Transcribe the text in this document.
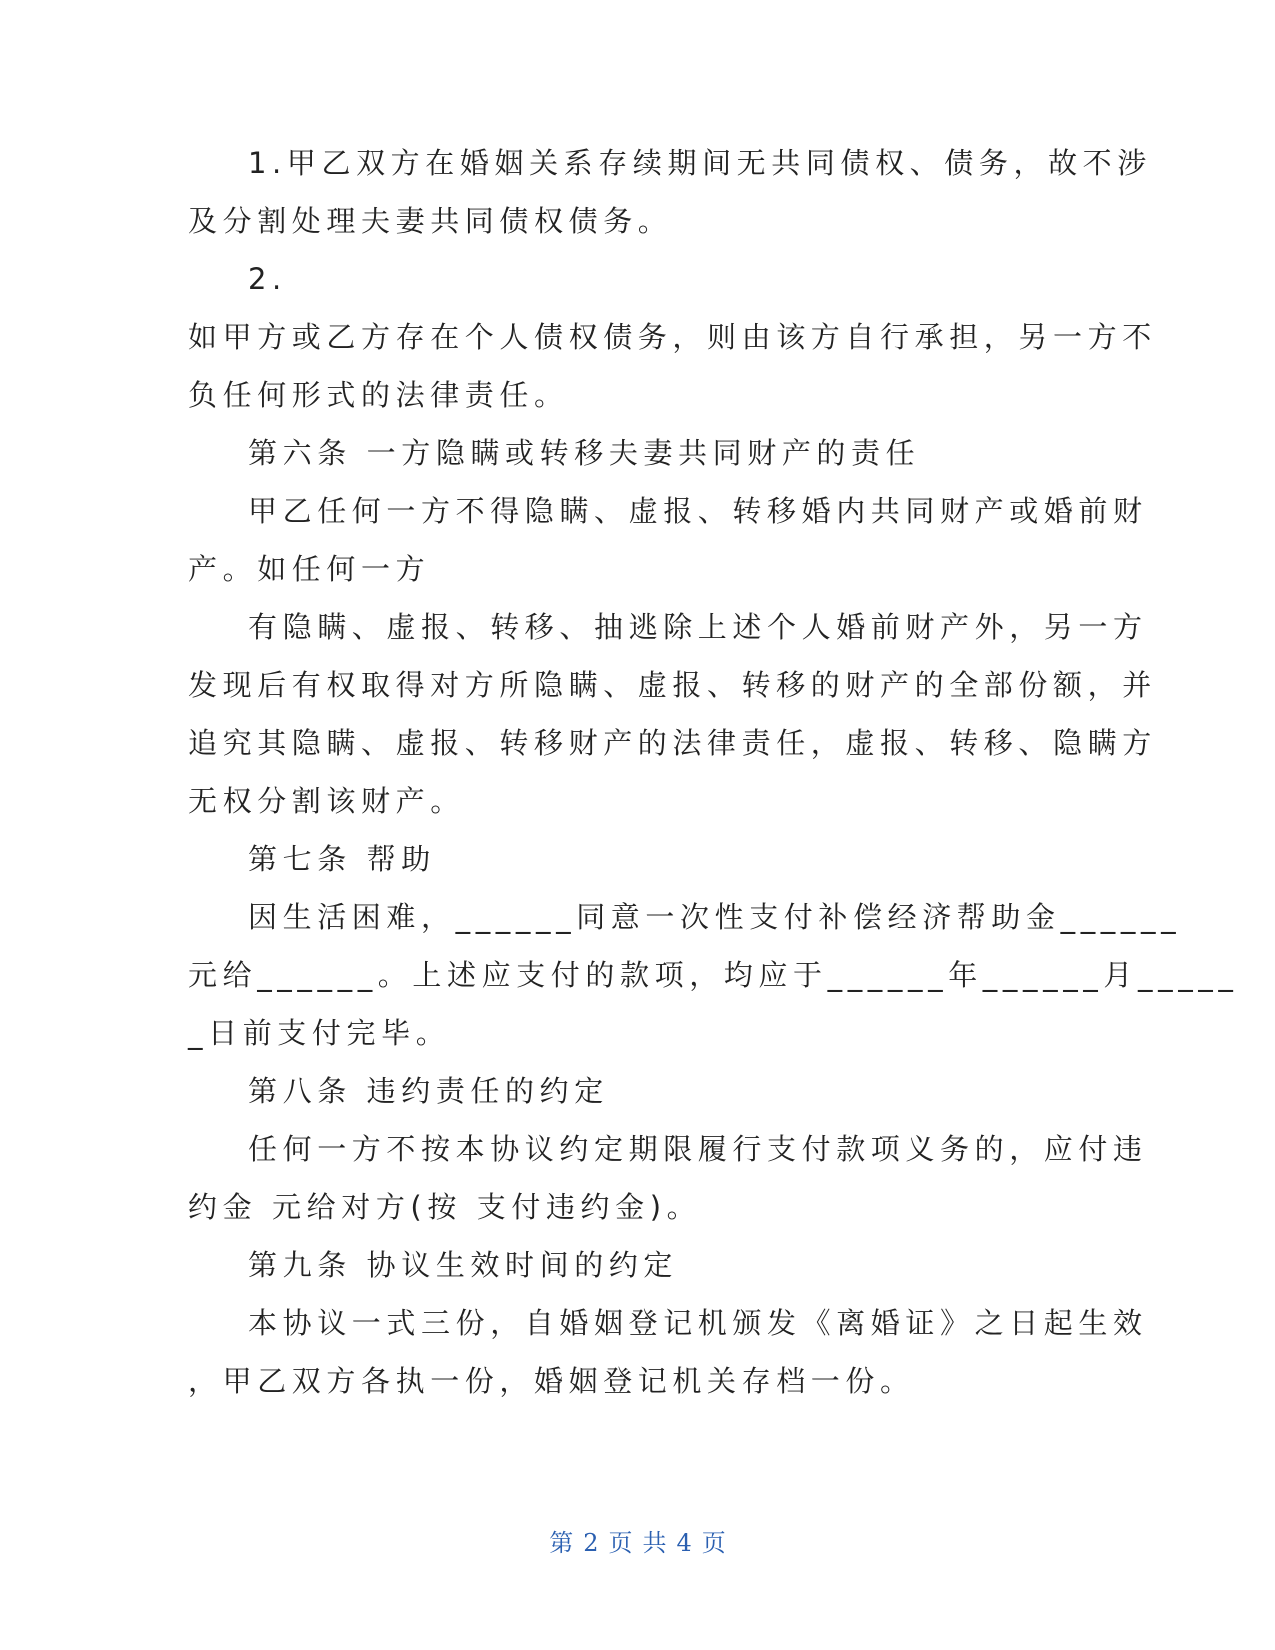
1.甲乙双方在婚姻关系存续期间无共同债权、债务，故不涉
及分割处理夫妻共同债权债务。
2.
如甲方或乙方存在个人债权债务，则由该方自行承担，另一方不
负任何形式的法律责任。
第六条 一方隐瞒或转移夫妻共同财产的责任
甲乙任何一方不得隐瞒、虚报、转移婚内共同财产或婚前财
产。如任何一方
有隐瞒、虚报、转移、抽逃除上述个人婚前财产外，另一方
发现后有权取得对方所隐瞒、虚报、转移的财产的全部份额，并
追究其隐瞒、虚报、转移财产的法律责任，虚报、转移、隐瞒方
无权分割该财产。
第七条 帮助
因生活困难，______同意一次性支付补偿经济帮助金______
元给______。上述应支付的款项，均应于______年______月_____
_日前支付完毕。
第八条 违约责任的约定
任何一方不按本协议约定期限履行支付款项义务的，应付违
约金 元给对方(按 支付违约金)。
第九条 协议生效时间的约定
本协议一式三份，自婚姻登记机颁发《离婚证》之日起生效
，甲乙双方各执一份，婚姻登记机关存档一份。
第 2 页 共 4 页
